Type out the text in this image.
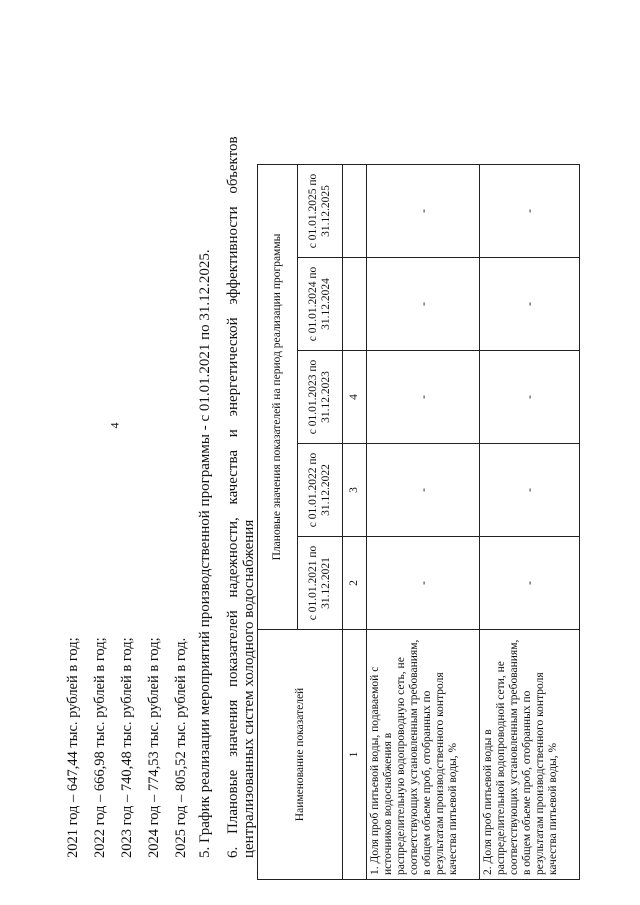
4
2021 год – 647,44 тыс. рублей в год; 2022 год – 666,98 тыс. рублей в год; 2023 год – 740,48 тыс. рублей в год; 2024 год – 774,53 тыс. рублей в год; 2025 год – 805,52 тыс. рублей в год. 5. График реализации мероприятий производственной программы - с 01.01.2021 по 31.12.2025. 6. Плановые значения показателей надежности, качества и энергетической эффективности объектов централизованных систем холодного водоснабжения	Наименование показателей	Плановые значения показателей на период реализации программы				
	с 01.01.2021 по 31.12.2021	с 01.01.2022 по 31.12.2022	с 01.01.2023 по 31.12.2023	с 01.01.2024 по 31.12.2024	с 01.01.2025 по 31.12.2025
1	2	3	4		
1. Доля проб питьевой воды, подаваемой с источников водоснабжения в распределительную водопроводную сеть, не соответствующих установленным требованиям, в общем объеме проб, отобранных по результатам производственного контроля качества питьевой воды, %	-	-	-	-	-
2. Доля проб питьевой воды в распределительной водопроводной сети, не соответствующих установленным требованиям, в общем объеме проб, отобранных по результатам производственного контроля качества питьевой воды, %	-	-	-	-	-
